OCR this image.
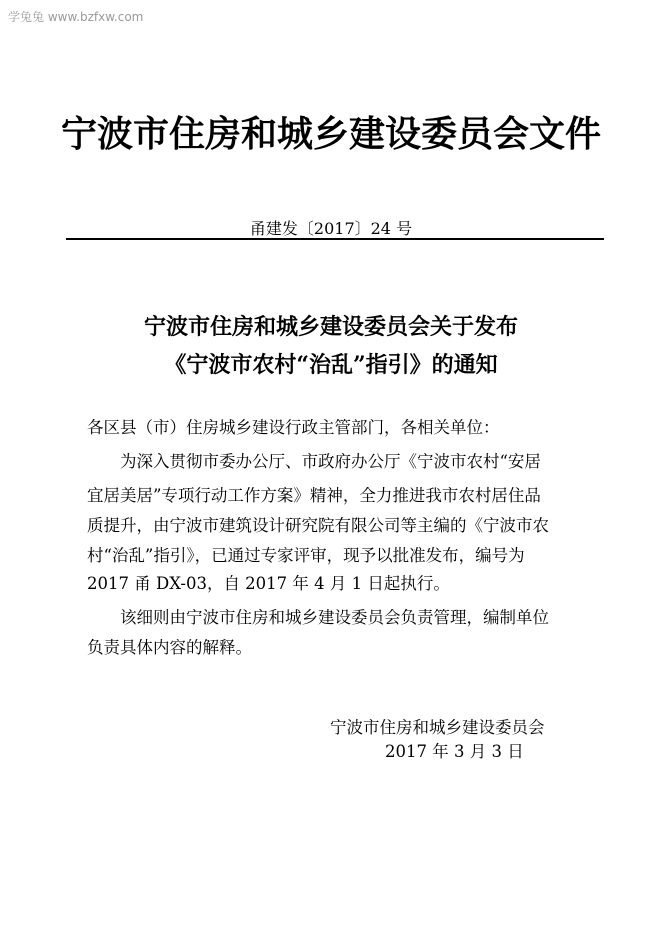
学兔兔 www.bzfxw.com
宁波市住房和城乡建设委员会文件
甬建发〔2017〕24 号
宁波市住房和城乡建设委员会关于发布
《宁波市农村“治乱”指引》的通知
各区县（市）住房城乡建设行政主管部门，各相关单位：
为深入贯彻市委办公厅、市政府办公厅《宁波市农村“安居
宜居美居”专项行动工作方案》精神，全力推进我市农村居住品
质提升，由宁波市建筑设计研究院有限公司等主编的《宁波市农
村“治乱”指引》，已通过专家评审，现予以批准发布，编号为
2017 甬 DX-03，自 2017 年 4 月 1 日起执行。
该细则由宁波市住房和城乡建设委员会负责管理，编制单位
负责具体内容的解释。
宁波市住房和城乡建设委员会
2017 年 3 月 3 日
